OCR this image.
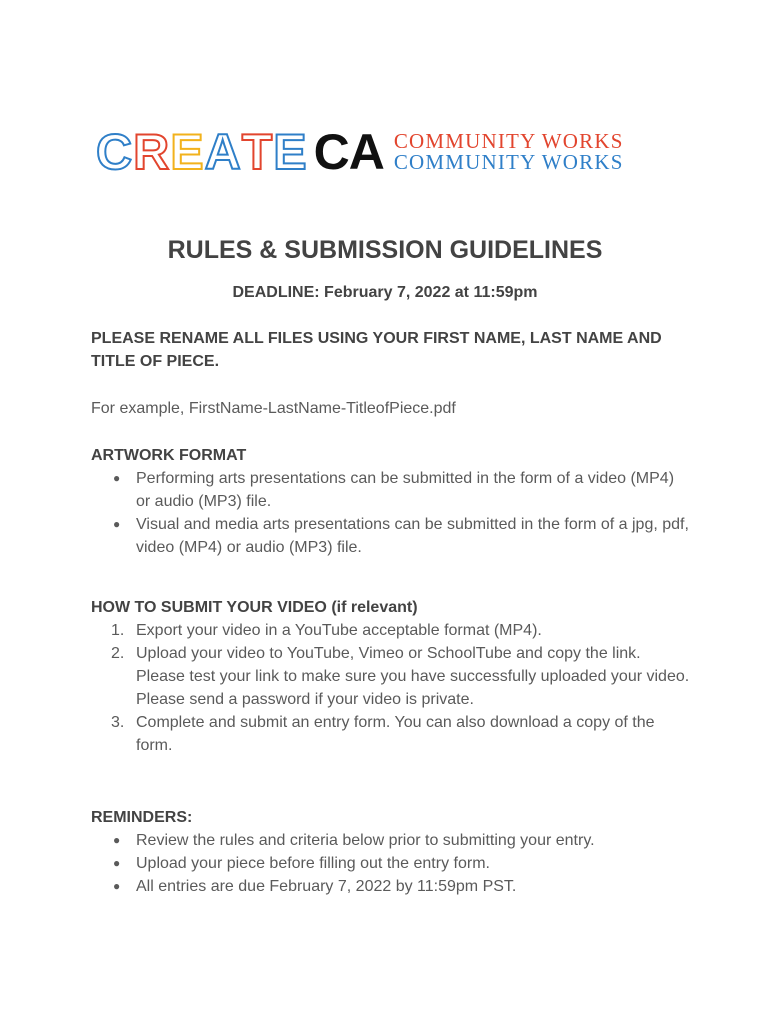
C R E A T E CA COMMUNITY WORKS
COMMUNITY WORKS
RULES & SUBMISSION GUIDELINES
DEADLINE: February 7, 2022 at 11:59pm
PLEASE RENAME ALL FILES USING YOUR FIRST NAME, LAST NAME AND TITLE OF PIECE.
For example, FirstName-LastName-TitleofPiece.pdf
ARTWORK FORMAT
● Performing arts presentations can be submitted in the form of a video (MP4) or audio (MP3) file.
● Visual and media arts presentations can be submitted in the form of a jpg, pdf, video (MP4) or audio (MP3) file.
HOW TO SUBMIT YOUR VIDEO (if relevant)
1. Export your video in a YouTube acceptable format (MP4).
2. Upload your video to YouTube, Vimeo or SchoolTube and copy the link. Please test your link to make sure you have successfully uploaded your video. Please send a password if your video is private.
3. Complete and submit an entry form. You can also download a copy of the form.
REMINDERS:
● Review the rules and criteria below prior to submitting your entry.
● Upload your piece before filling out the entry form.
● All entries are due February 7, 2022 by 11:59pm PST.
